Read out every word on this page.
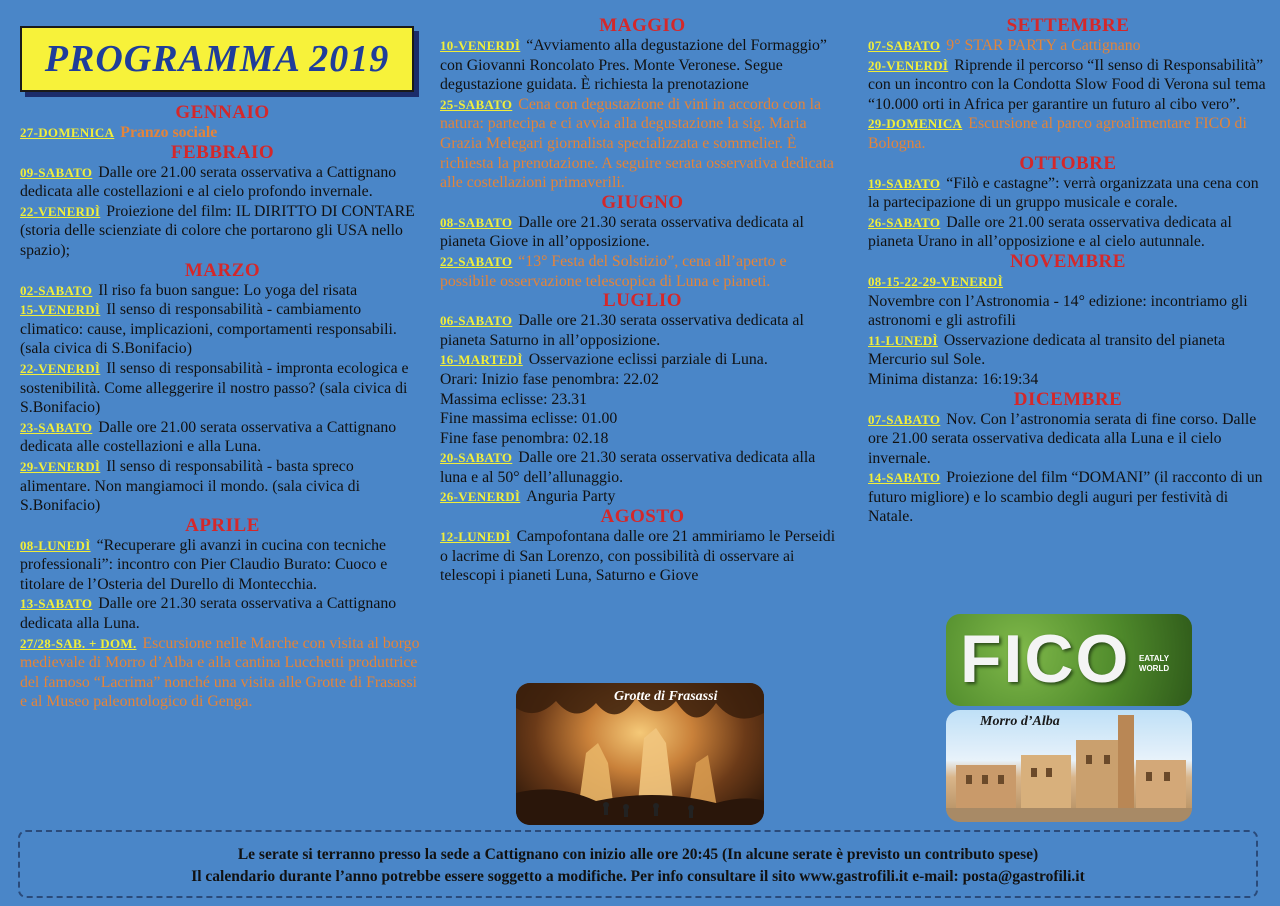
PROGRAMMA 2019

GENNAIO

27-DOMENICA Pranzo sociale

FEBBRAIO

09-SABATO Dalle ore 21.00 serata osservativa a Cattignano dedicata alle costellazioni e al cielo profondo invernale.

22-VENERDÌ Proiezione del film: IL DIRITTO DI CONTARE (storia delle scienziate di colore che portarono gli USA nello spazio);

MARZO

02-SABATO Il riso fa buon sangue: Lo yoga del risata

15-VENERDÌ Il senso di responsabilità - cambiamento climatico: cause, implicazioni, comportamenti responsabili. (sala civica di S.Bonifacio)

22-VENERDÌ Il senso di responsabilità - impronta ecologica e sostenibilità. Come alleggerire il nostro passo? (sala civica di S.Bonifacio)

23-SABATO Dalle ore 21.00 serata osservativa a Cattignano dedicata alle costellazioni e alla Luna.

29-VENERDÌ Il senso di responsabilità - basta spreco alimentare. Non mangiamoci il mondo. (sala civica di S.Bonifacio)

APRILE

08-LUNEDÌ “Recuperare gli avanzi in cucina con tecniche professionali”: incontro con Pier Claudio Burato: Cuoco e titolare de l’Osteria del Durello di Montecchia.

13-SABATO Dalle ore 21.30 serata osservativa a Cattignano dedicata alla Luna.

27/28-SAB. + DOM. Escursione nelle Marche con visita al borgo medievale di Morro d’Alba e alla cantina Lucchetti produttrice del famoso “Lacrima” nonché una visita alle Grotte di Frasassi e al Museo paleontologico di Genga.

MAGGIO

10-VENERDÌ “Avviamento alla degustazione del Formaggio” con Giovanni Roncolato Pres. Monte Veronese. Segue degustazione guidata. È richiesta la prenotazione

25-SABATO Cena con degustazione di vini in accordo con la natura: partecipa e ci avvia alla degustazione la sig. Maria Grazia Melegari giornalista specializzata e sommelier. È richiesta la prenotazione. A seguire serata osservativa dedicata alle costellazioni primaverili.

GIUGNO

08-SABATO Dalle ore 21.30 serata osservativa dedicata al pianeta Giove in all’opposizione.

22-SABATO “13° Festa del Solstizio”, cena all’aperto e possibile osservazione telescopica di Luna e pianeti.

LUGLIO

06-SABATO Dalle ore 21.30 serata osservativa dedicata al pianeta Saturno in all’opposizione.

16-MARTEDÌ Osservazione eclissi parziale di Luna.

Orari: Inizio fase penombra: 22.02
Massima eclisse: 23.31
Fine massima eclisse: 01.00
Fine fase penombra: 02.18

20-SABATO Dalle ore 21.30 serata osservativa dedicata alla luna e al 50° dell’allunaggio.

26-VENERDÌ Anguria Party

AGOSTO

12-LUNEDÌ Campofontana dalle ore 21 ammiriamo le Perseidi o lacrime di San Lorenzo, con possibilità di osservare ai telescopi i pianeti Luna, Saturno e Giove

Grotte di Frasassi

SETTEMBRE

07-SABATO 9° STAR PARTY a Cattignano

20-VENERDÌ Riprende il percorso “Il senso di Responsabilità” con un incontro con la Condotta Slow Food di Verona sul tema “10.000 orti in Africa per garantire un futuro al cibo vero”.

29-DOMENICA Escursione al parco agroalimentare FICO di Bologna.

OTTOBRE

19-SABATO “Filò e castagne”: verrà organizzata una cena con la partecipazione di un gruppo musicale e corale.

26-SABATO Dalle ore 21.00 serata osservativa dedicata al pianeta Urano in all’opposizione e al cielo autunnale.

NOVEMBRE

08-15-22-29-VENERDÌ

Novembre con l’Astronomia - 14° edizione: incontriamo gli astronomi e gli astrofili

11-LUNEDÌ Osservazione dedicata al transito del pianeta Mercurio sul Sole.

Minima distanza: 16:19:34

DICEMBRE

07-SABATO Nov. Con l’astronomia serata di fine corso. Dalle ore 21.00 serata osservativa dedicata alla Luna e il cielo invernale.

14-SABATO Proiezione del film “DOMANI” (il racconto di un futuro migliore) e lo scambio degli auguri per festività di Natale.

FICO	EATALY WORLD
Morro d’Alba
Le serate si terranno presso la sede a Cattignano con inizio alle ore 20:45 (In alcune serate è previsto un contributo spese)
Il calendario durante l’anno potrebbe essere soggetto a modifiche. Per info consultare il sito www.gastrofili.it e-mail: posta@gastrofili.it
